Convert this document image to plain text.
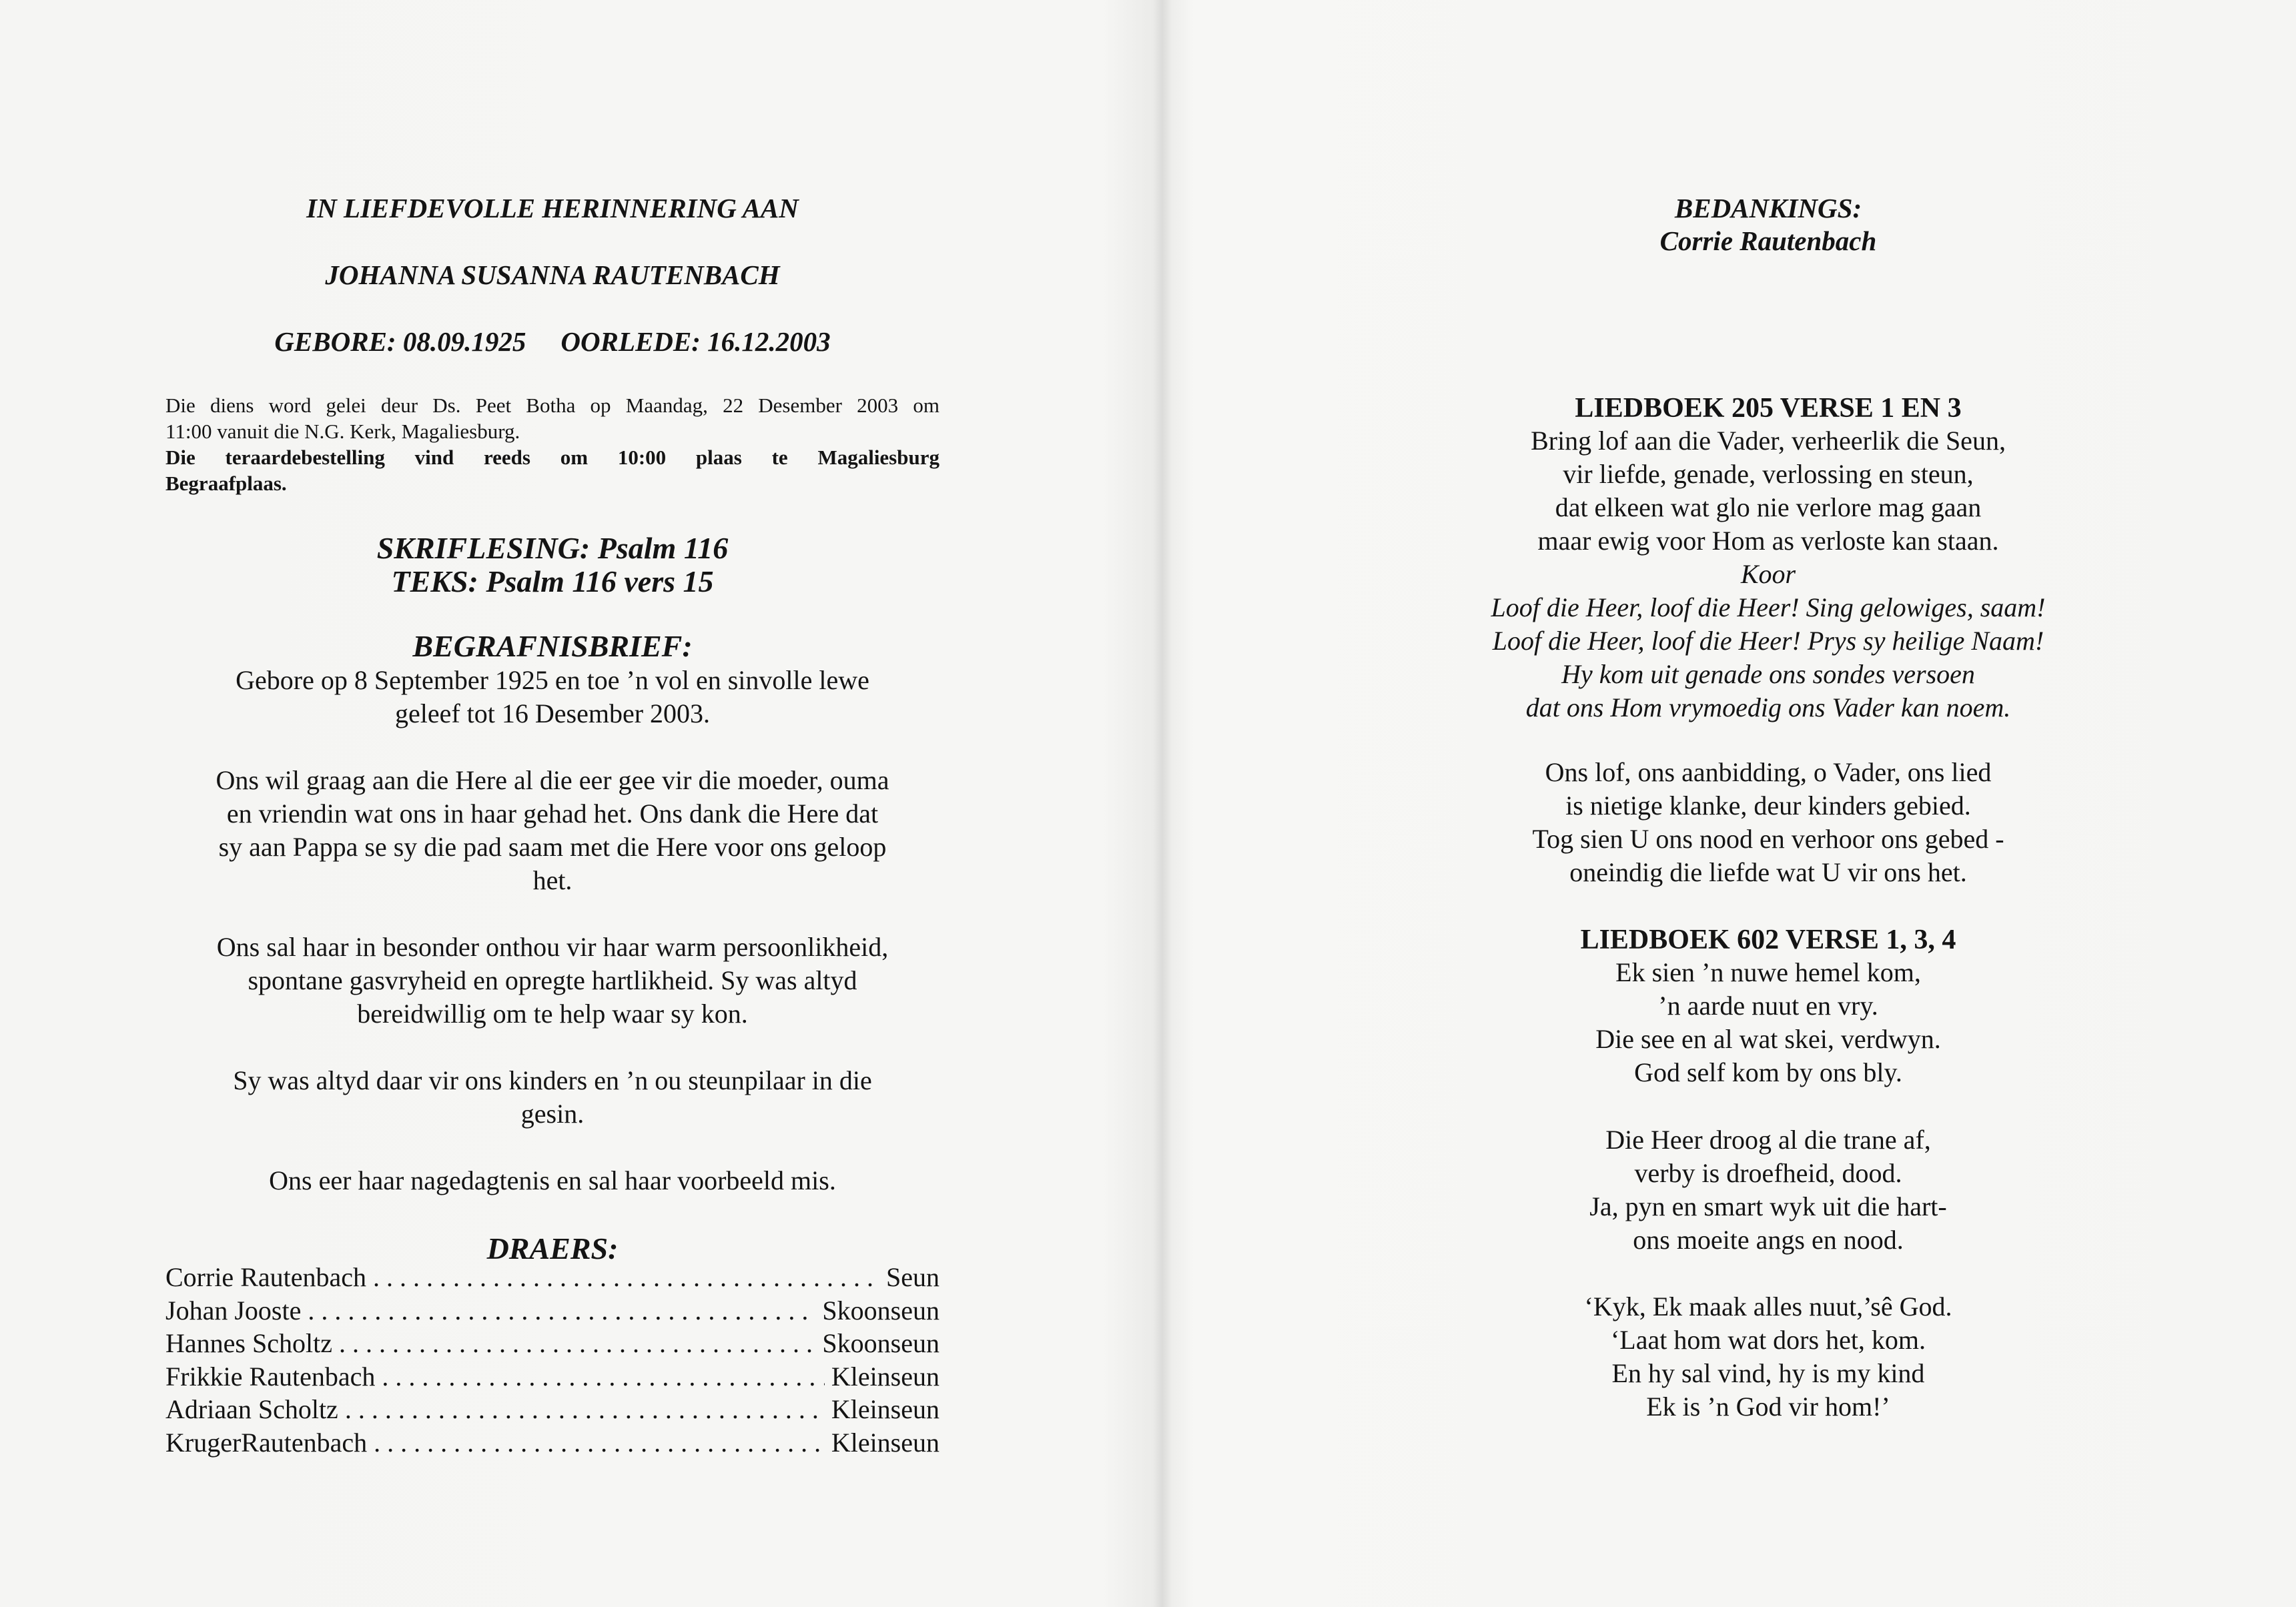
IN LIEFDEVOLLE HERINNERING AAN
JOHANNA SUSANNA RAUTENBACH
GEBORE: 08.09.1925 OORLEDE: 16.12.2003
Die diens word gelei deur Ds. Peet Botha op Maandag, 22 Desember 2003 om
11:00 vanuit die N.G. Kerk, Magaliesburg.
Die teraardebestelling vind reeds om 10:00 plaas te Magaliesburg
Begraafplaas.
SKRIFLESING: Psalm 116
TEKS: Psalm 116 vers 15
BEGRAFNISBRIEF:
Gebore op 8 September 1925 en toe ’n vol en sinvolle lewe
geleef tot 16 Desember 2003.
Ons wil graag aan die Here al die eer gee vir die moeder, ouma
en vriendin wat ons in haar gehad het. Ons dank die Here dat
sy aan Pappa se sy die pad saam met die Here voor ons geloop
het.
Ons sal haar in besonder onthou vir haar warm persoonlikheid,
spontane gasvryheid en opregte hartlikheid. Sy was altyd
bereidwillig om te help waar sy kon.
Sy was altyd daar vir ons kinders en ’n ou steunpilaar in die
gesin.
Ons eer haar nagedagtenis en sal haar voorbeeld mis.
DRAERS:
Corrie Rautenbach . . .	Seun
Johan Jooste . . .	Skoonseun
Hannes Scholtz . . .	Skoonseun
Frikkie Rautenbach . . .	Kleinseun
Adriaan Scholtz . . .	Kleinseun
KrugerRautenbach . . .	Kleinseun
BEDANKINGS:
Corrie Rautenbach
LIEDBOEK 205 VERSE 1 EN 3
Bring lof aan die Vader, verheerlik die Seun,
vir liefde, genade, verlossing en steun,
dat elkeen wat glo nie verlore mag gaan
maar ewig voor Hom as verloste kan staan.
Koor
Loof die Heer, loof die Heer! Sing gelowiges, saam!
Loof die Heer, loof die Heer! Prys sy heilige Naam!
Hy kom uit genade ons sondes versoen
dat ons Hom vrymoedig ons Vader kan noem.
Ons lof, ons aanbidding, o Vader, ons lied
is nietige klanke, deur kinders gebied.
Tog sien U ons nood en verhoor ons gebed -
oneindig die liefde wat U vir ons het.
LIEDBOEK 602 VERSE 1, 3, 4
Ek sien ’n nuwe hemel kom,
’n aarde nuut en vry.
Die see en al wat skei, verdwyn.
God self kom by ons bly.
Die Heer droog al die trane af,
verby is droefheid, dood.
Ja, pyn en smart wyk uit die hart-
ons moeite angs en nood.
‘Kyk, Ek maak alles nuut,’sê God.
‘Laat hom wat dors het, kom.
En hy sal vind, hy is my kind
Ek is ’n God vir hom!’
